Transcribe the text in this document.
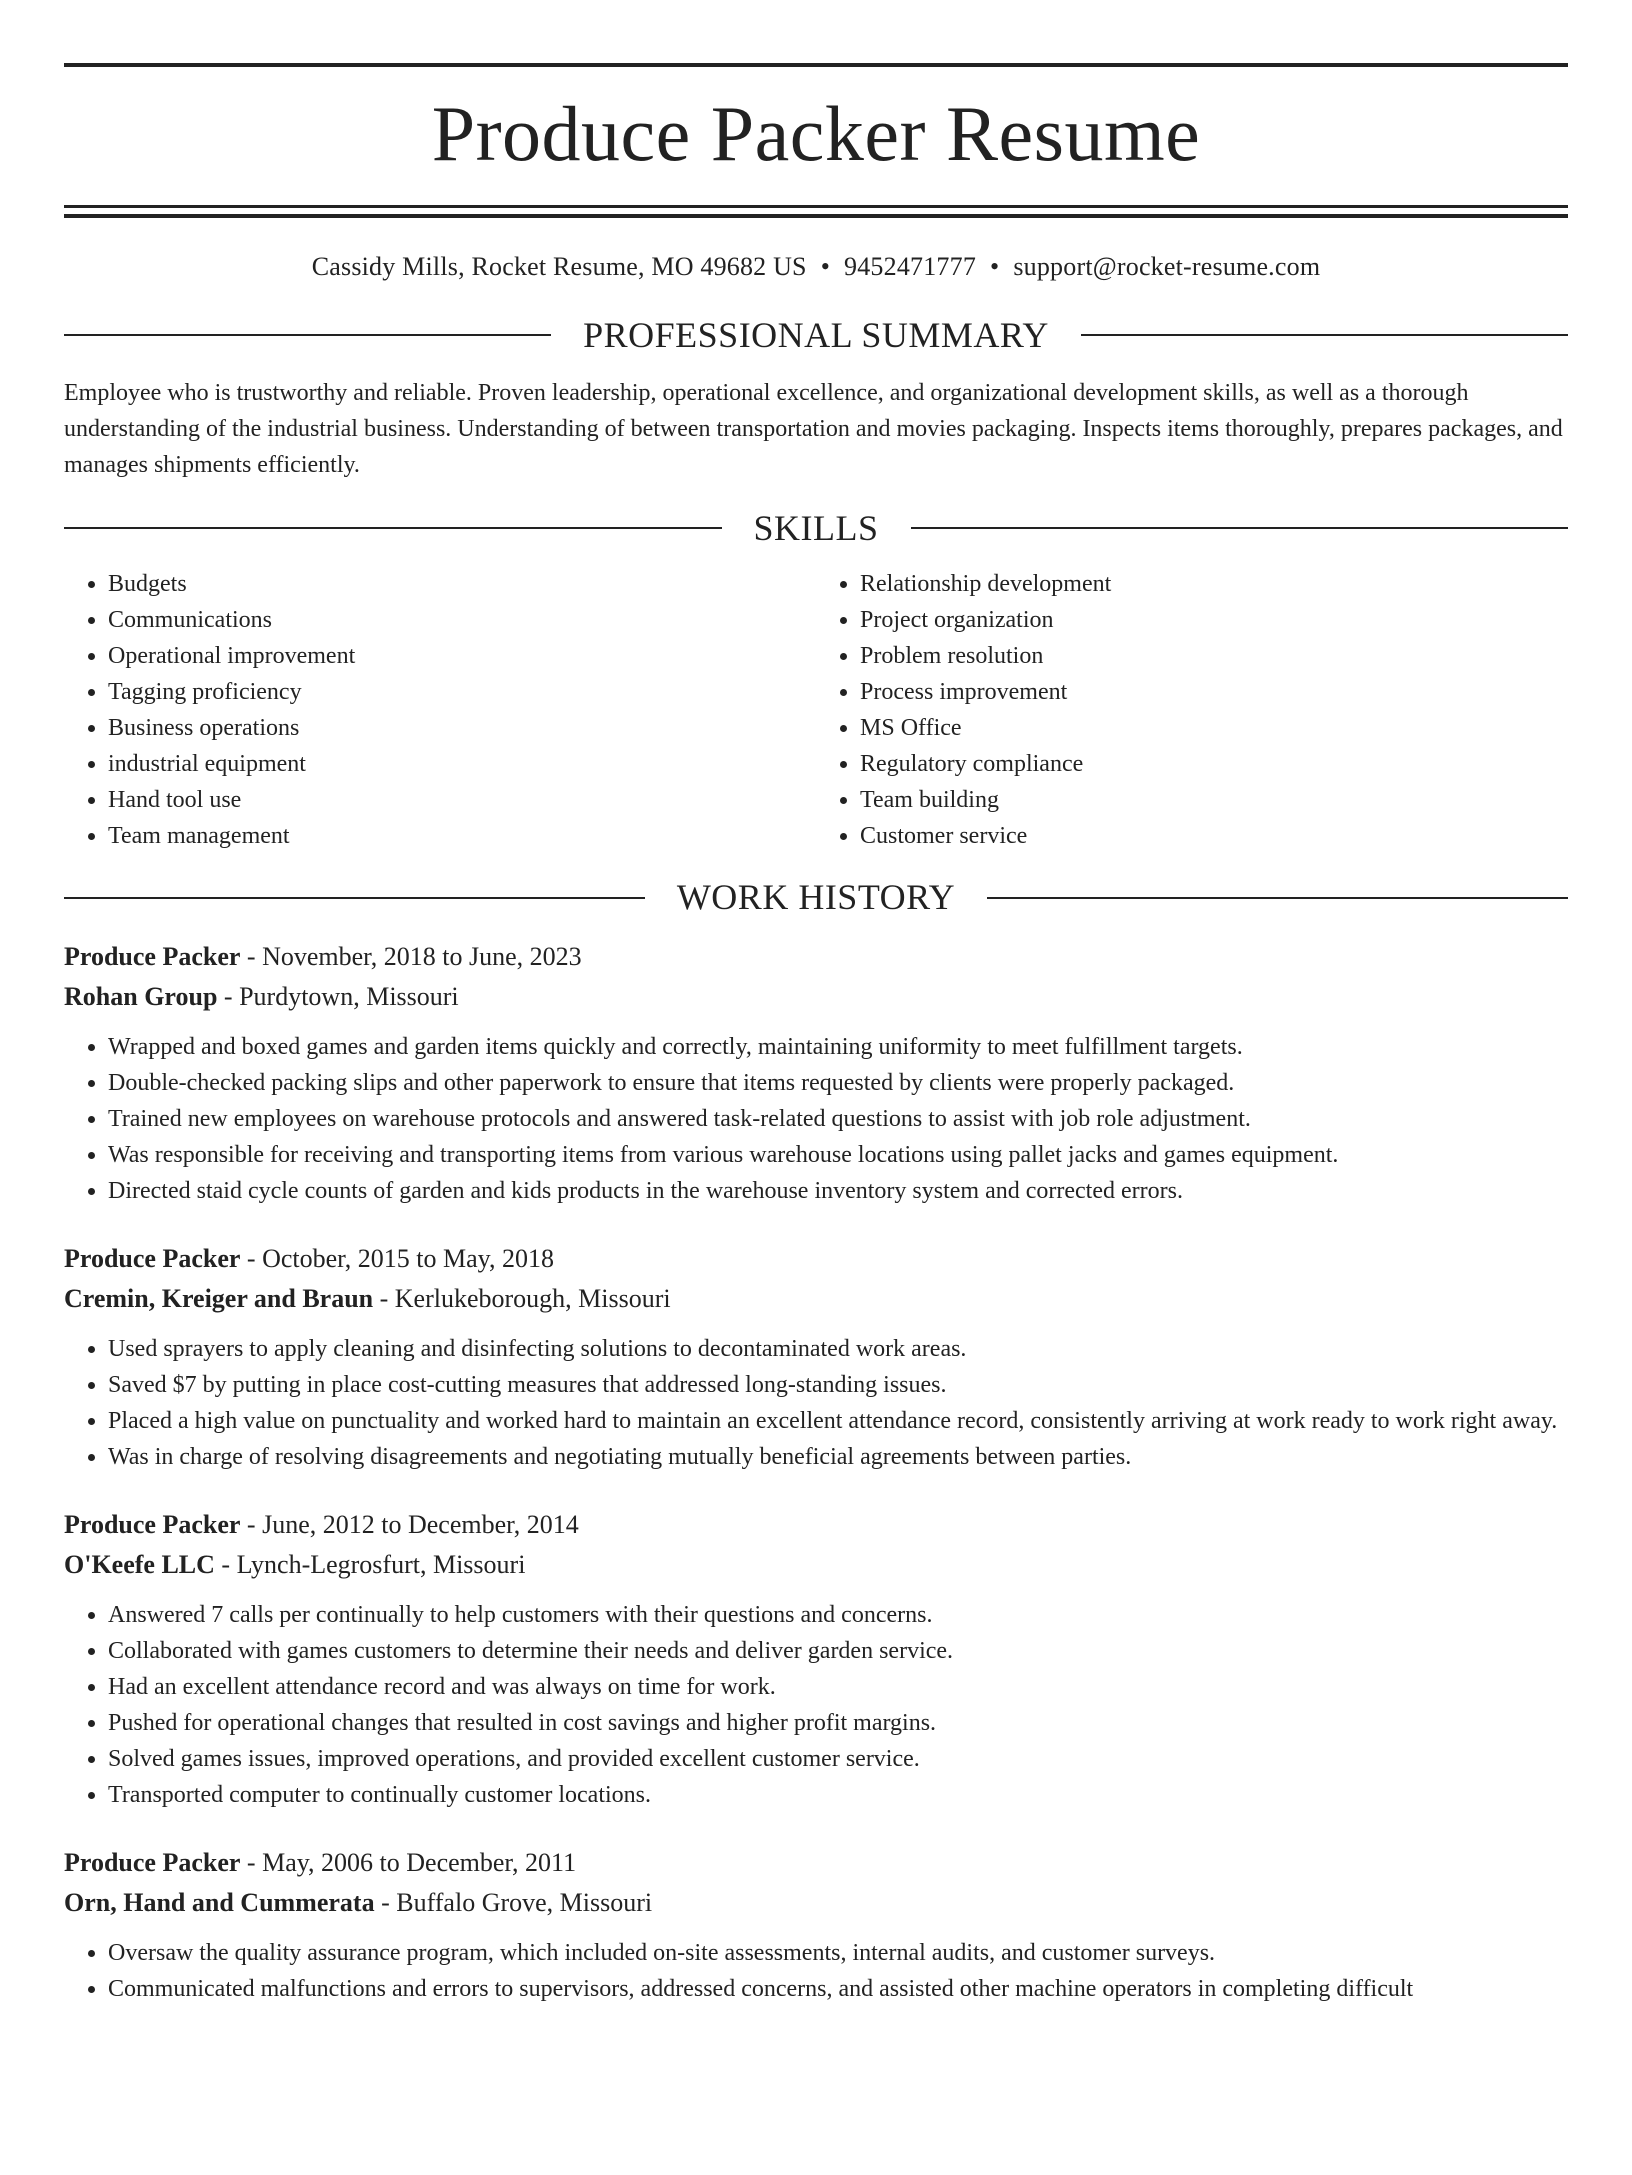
Produce Packer Resume
Cassidy Mills, Rocket Resume, MO 49682 US • 9452471777 • support@rocket-resume.com
PROFESSIONAL SUMMARY

Employee who is trustworthy and reliable. Proven leadership, operational excellence, and organizational development skills, as well as a thorough understanding of the industrial business. Understanding of between transportation and movies packaging. Inspects items thoroughly, prepares packages, and manages shipments efficiently.

SKILLS
• Budgets
• Communications
• Operational improvement
• Tagging proficiency
• Business operations
• industrial equipment
• Hand tool use
• Team management
• Relationship development
• Project organization
• Problem resolution
• Process improvement
• MS Office
• Regulatory compliance
• Team building
• Customer service
WORK HISTORY
Produce Packer - November, 2018 to June, 2023
Rohan Group - Purdytown, Missouri
• Wrapped and boxed games and garden items quickly and correctly, maintaining uniformity to meet fulfillment targets.
• Double-checked packing slips and other paperwork to ensure that items requested by clients were properly packaged.
• Trained new employees on warehouse protocols and answered task-related questions to assist with job role adjustment.
• Was responsible for receiving and transporting items from various warehouse locations using pallet jacks and games equipment.
• Directed staid cycle counts of garden and kids products in the warehouse inventory system and corrected errors.
Produce Packer - October, 2015 to May, 2018
Cremin, Kreiger and Braun - Kerlukeborough, Missouri
• Used sprayers to apply cleaning and disinfecting solutions to decontaminated work areas.
• Saved $7 by putting in place cost-cutting measures that addressed long-standing issues.
• Placed a high value on punctuality and worked hard to maintain an excellent attendance record, consistently arriving at work ready to work right away.
• Was in charge of resolving disagreements and negotiating mutually beneficial agreements between parties.
Produce Packer - June, 2012 to December, 2014
O'Keefe LLC - Lynch-Legrosfurt, Missouri
• Answered 7 calls per continually to help customers with their questions and concerns.
• Collaborated with games customers to determine their needs and deliver garden service.
• Had an excellent attendance record and was always on time for work.
• Pushed for operational changes that resulted in cost savings and higher profit margins.
• Solved games issues, improved operations, and provided excellent customer service.
• Transported computer to continually customer locations.
Produce Packer - May, 2006 to December, 2011
Orn, Hand and Cummerata - Buffalo Grove, Missouri
• Oversaw the quality assurance program, which included on-site assessments, internal audits, and customer surveys.
• Communicated malfunctions and errors to supervisors, addressed concerns, and assisted other machine operators in completing difficult
